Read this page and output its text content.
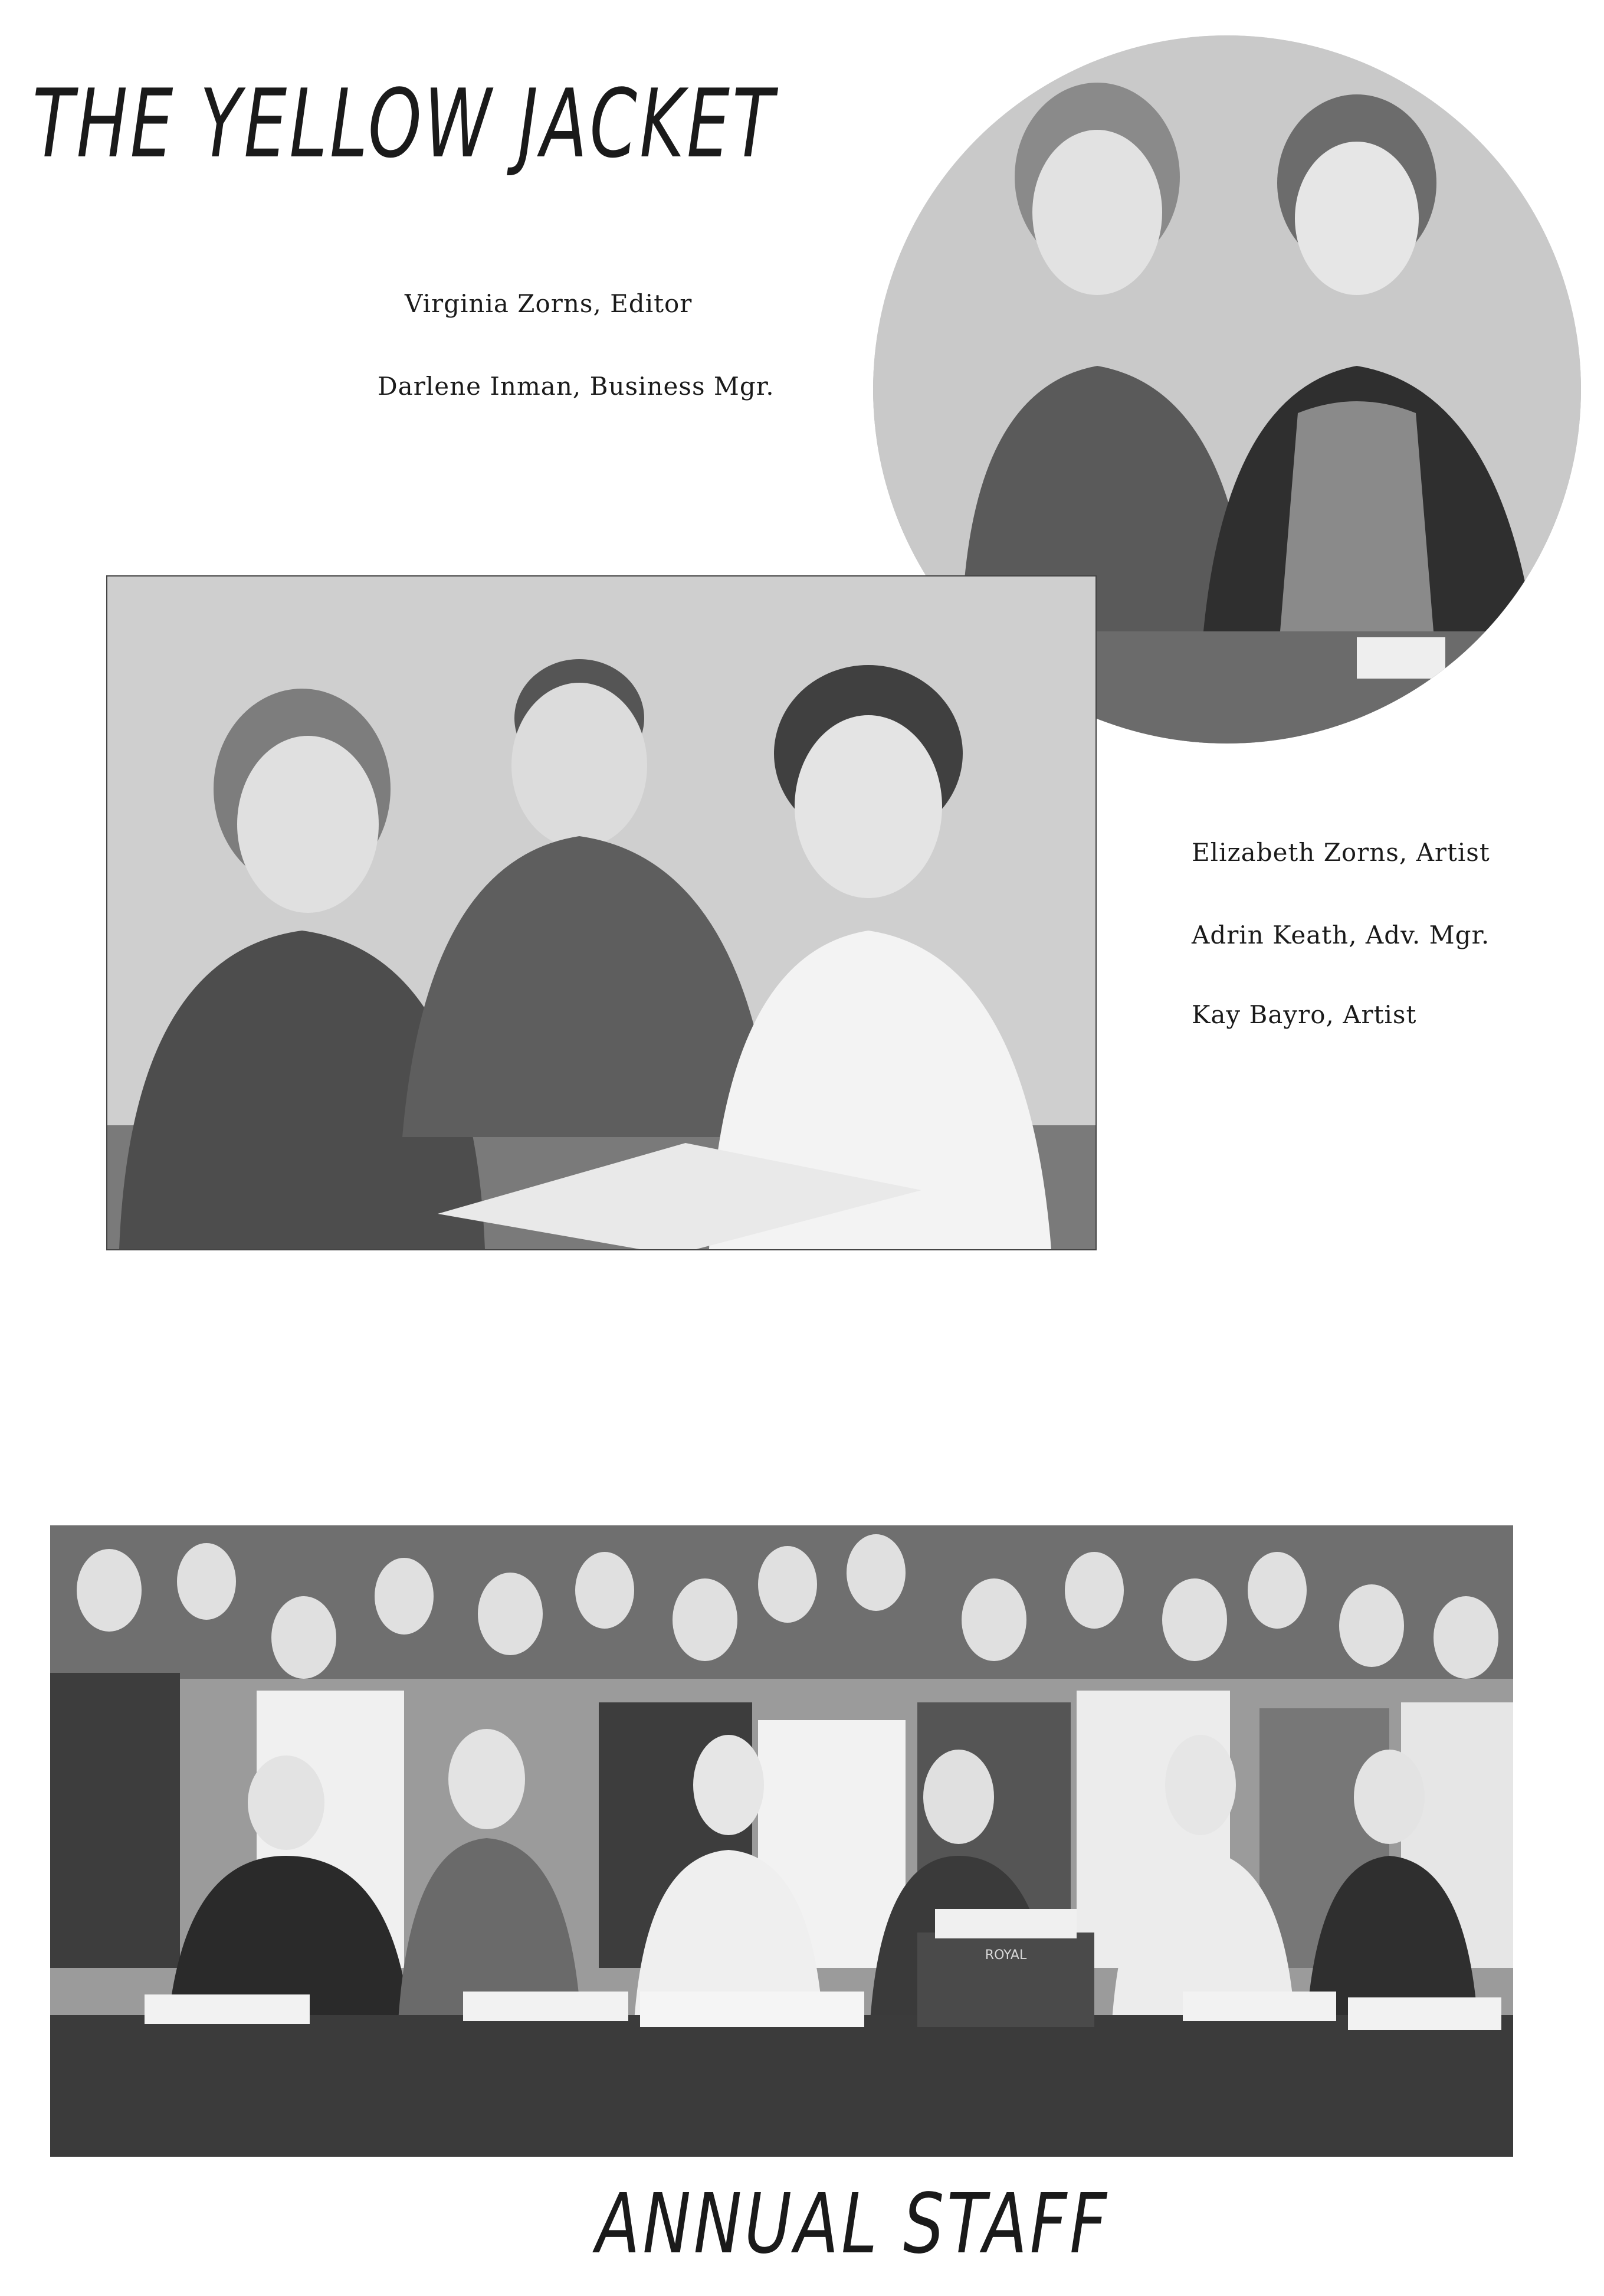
THE YELLOW JACKET
Virginia Zorns, Editor
Darlene Inman, Business Mgr.
Elizabeth Zorns, Artist
Adrin Keath, Adv. Mgr.
Kay Bayro, Artist
ROYAL
ANNUAL STAFF
